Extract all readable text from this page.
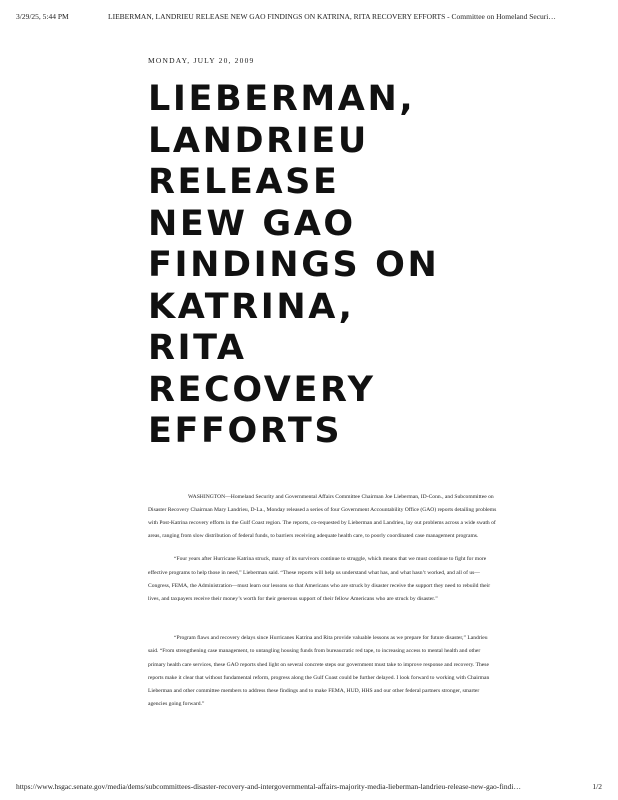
3/29/25, 5:44 PM	LIEBERMAN, LANDRIEU RELEASE NEW GAO FINDINGS ON KATRINA, RITA RECOVERY EFFORTS - Committee on Homeland Securi…
MONDAY, JULY 20, 2009
LIEBERMAN,
LANDRIEU
RELEASE
NEW GAO
FINDINGS ON
KATRINA,
RITA
RECOVERY
EFFORTS

WASHINGTON—Homeland Security and Governmental Affairs Committee Chairman Joe Lieberman, ID-Conn., and Subcommittee on Disaster Recovery Chairman Mary Landrieu, D-La., Monday released a series of four Government Accountability Office (GAO) reports detailing problems with Post-Katrina recovery efforts in the Gulf Coast region. The reports, co-requested by Lieberman and Landrieu, lay out problems across a wide swath of areas, ranging from slow distribution of federal funds, to barriers receiving adequate health care, to poorly coordinated case management programs.

“Four years after Hurricane Katrina struck, many of its survivors continue to struggle, which means that we must continue to fight for more effective programs to help those in need,” Lieberman said. “These reports will help us understand what has, and what hasn’t worked, and all of us—Congress, FEMA, the Administration—must learn our lessons so that Americans who are struck by disaster receive the support they need to rebuild their lives, and taxpayers receive their money’s worth for their generous support of their fellow Americans who are struck by disaster.”

“Program flaws and recovery delays since Hurricanes Katrina and Rita provide valuable lessons as we prepare for future disaster,” Landrieu said. “From strengthening case management, to untangling housing funds from bureaucratic red tape, to increasing access to mental health and other primary health care services, these GAO reports shed light on several concrete steps our government must take to improve response and recovery. These reports make it clear that without fundamental reform, progress along the Gulf Coast could be further delayed. I look forward to working with Chairman Lieberman and other committee members to address these findings and to make FEMA, HUD, HHS and our other federal partners stronger, smarter agencies going forward.”

https://www.hsgac.senate.gov/media/dems/subcommittees-disaster-recovery-and-intergovernmental-affairs-majority-media-lieberman-landrieu-release-new-gao-findi…	1/2
